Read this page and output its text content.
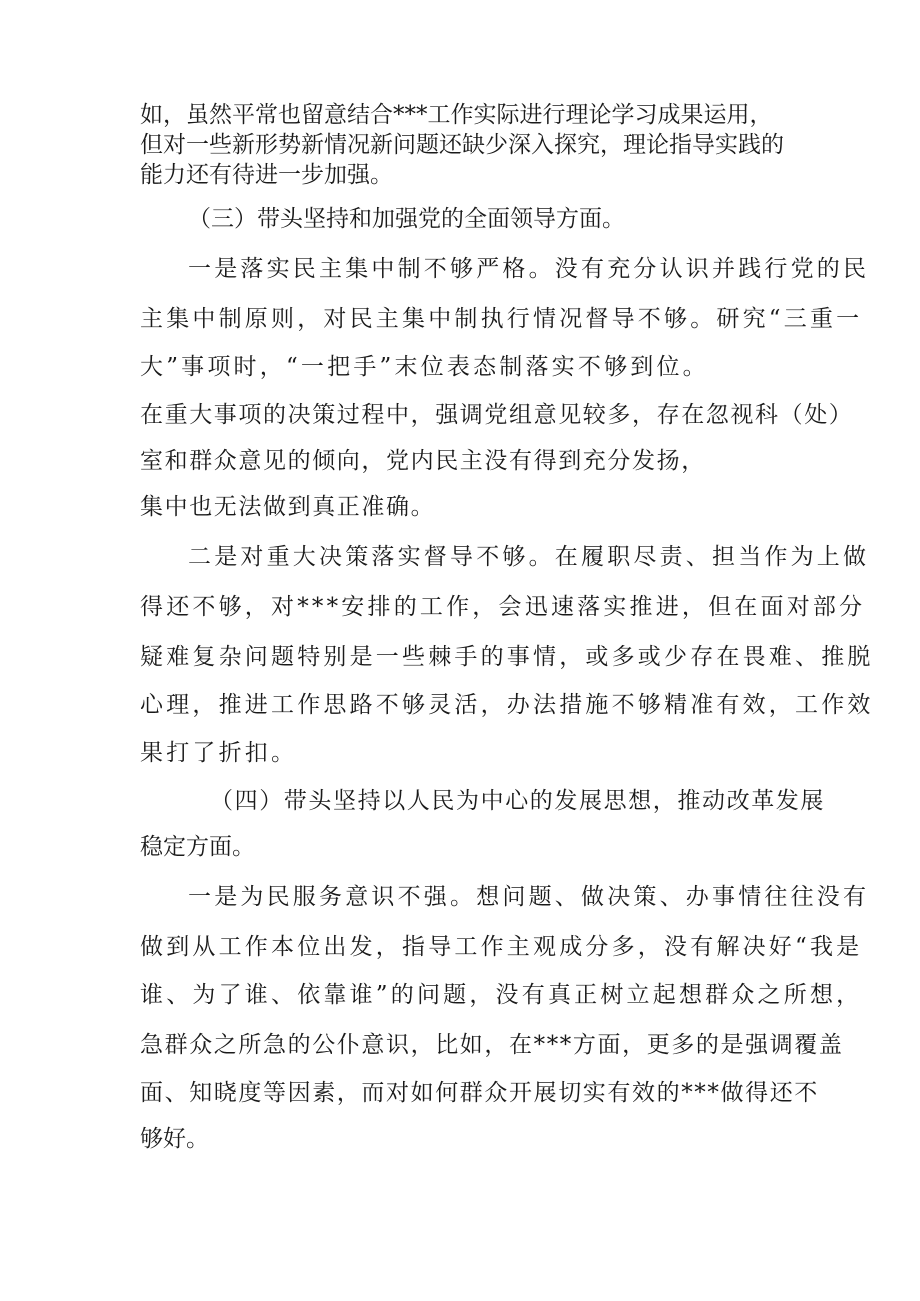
如，虽然平常也留意结合***工作实际进行理论学习成果运用，
但对一些新形势新情况新问题还缺少深入探究，理论指导实践的
能力还有待进一步加强。
（三）带头坚持和加强党的全面领导方面。
一是落实民主集中制不够严格。没有充分认识并践行党的民
主集中制原则，对民主集中制执行情况督导不够。研究“三重一
大”事项时，“一把手”末位表态制落实不够到位。
在重大事项的决策过程中，强调党组意见较多，存在忽视科（处）
室和群众意见的倾向，党内民主没有得到充分发扬，
集中也无法做到真正准确。
二是对重大决策落实督导不够。在履职尽责、担当作为上做
得还不够，对***安排的工作，会迅速落实推进，但在面对部分
疑难复杂问题特别是一些棘手的事情，或多或少存在畏难、推脱
心理，推进工作思路不够灵活，办法措施不够精准有效，工作效
果打了折扣。
（四）带头坚持以人民为中心的发展思想，推动改革发展
稳定方面。
一是为民服务意识不强。想问题、做决策、办事情往往没有
做到从工作本位出发，指导工作主观成分多，没有解决好“我是
谁、为了谁、依靠谁”的问题，没有真正树立起想群众之所想，
急群众之所急的公仆意识，比如，在***方面，更多的是强调覆盖
面、知晓度等因素，而对如何群众开展切实有效的***做得还不
够好。
